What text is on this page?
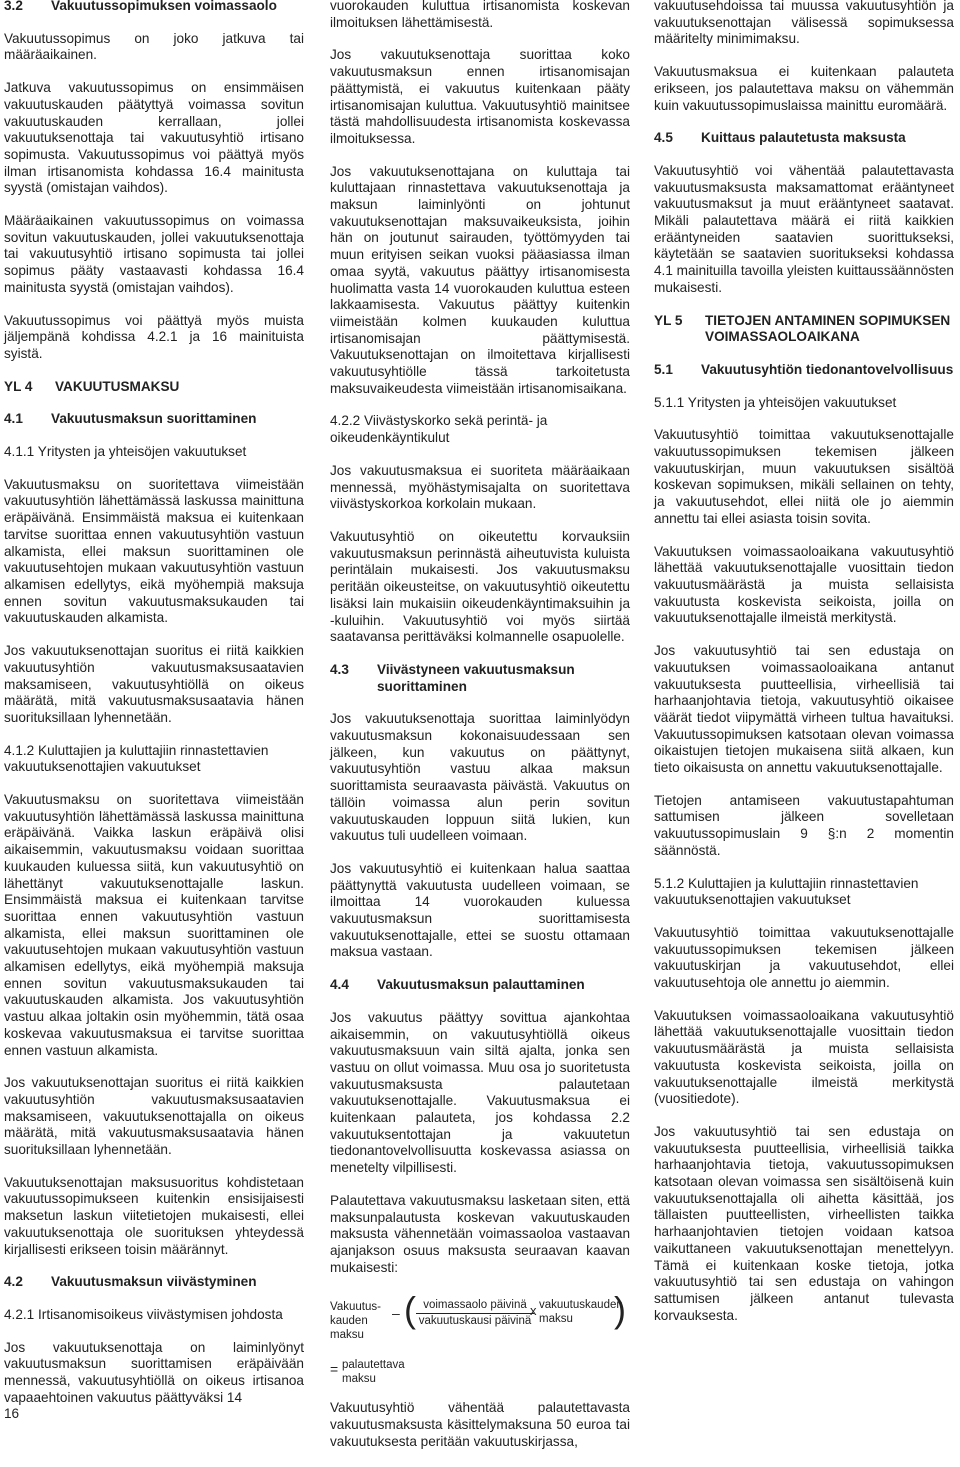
3.2	Vakuutussopimuksen voimassaolo

Vakuutussopimus on joko jatkuva tai määräaikainen.

Jatkuva vakuutussopimus on ensimmäisen vakuutuskauden päätyttyä voimassa sovitun vakuutuskauden kerrallaan, jollei vakuutuksenottaja tai vakuutusyhtiö irtisano sopimusta. Vakuutussopimus voi päättyä myös ilman irtisanomista kohdassa 16.4 mainitusta syystä (omistajan vaihdos).

Määräaikainen vakuutussopimus on voimassa sovitun vakuutuskauden, jollei vakuutuksenottaja tai vakuutusyhtiö irtisano sopimusta tai jollei sopimus pääty vastaavasti kohdassa 16.4 mainitusta syystä (omistajan vaihdos).

Vakuutussopimus voi päättyä myös muista jäljempänä kohdissa 4.2.1 ja 16 mainituista syistä.

YL 4	VAKUUTUSMAKSU
4.1	Vakuutusmaksun suorittaminen
4.1.1 Yritysten ja yhteisöjen vakuutukset

Vakuutusmaksu on suoritettava viimeistään vakuutusyhtiön lähettämässä laskussa mainittuna eräpäivänä. Ensimmäistä maksua ei kuitenkaan tarvitse suorittaa ennen vakuutusyhtiön vastuun alkamista, ellei maksun suorittaminen ole vakuutusehtojen mukaan vakuutusyhtiön vastuun alkamisen edellytys, eikä myöhempiä maksuja ennen sovitun vakuutusmaksukauden tai vakuutuskauden alkamista.

Jos vakuutuksenottajan suoritus ei riitä kaikkien vakuutusyhtiön vakuutusmaksusaatavien maksamiseen, vakuutusyhtiöllä on oikeus määrätä, mitä vakuutusmaksusaatavia hänen suorituksillaan lyhennetään.

4.1.2 Kuluttajien ja kuluttajiin rinnastettavien vakuutuksenottajien vakuutukset

Vakuutusmaksu on suoritettava viimeistään vakuutusyhtiön lähettämässä laskussa mainittuna eräpäivänä. Vaikka laskun eräpäivä olisi aikaisemmin, vakuutusmaksu voidaan suorittaa kuukauden kuluessa siitä, kun vakuutusyhtiö on lähettänyt vakuutuksenottajalle laskun. Ensimmäistä maksua ei kuitenkaan tarvitse suorittaa ennen vakuutusyhtiön vastuun alkamista, ellei maksun suorittaminen ole vakuutusehtojen mukaan vakuutusyhtiön vastuun alkamisen edellytys, eikä myöhempiä maksuja ennen sovitun vakuutusmaksukauden tai vakuutuskauden alkamista. Jos vakuutusyhtiön vastuu alkaa joltakin osin myöhemmin, tätä osaa koskevaa vakuutusmaksua ei tarvitse suorittaa ennen vastuun alkamista.

Jos vakuutuksenottajan suoritus ei riitä kaikkien vakuutusyhtiön vakuutusmaksusaatavien maksamiseen, vakuutuksenottajalla on oikeus määrätä, mitä vakuutusmaksusaatavia hänen suorituksillaan lyhennetään.

Vakuutuksenottajan maksusuoritus kohdistetaan vakuutussopimukseen kuitenkin ensisijaisesti maksetun laskun viitetietojen mukaisesti, ellei vakuutuksenottaja ole suorituksen yhteydessä kirjallisesti erikseen toisin määrännyt.

4.2	Vakuutusmaksun viivästyminen
4.2.1 Irtisanomisoikeus viivästymisen johdosta

Jos vakuutuksenottaja on laiminlyönyt vakuutusmaksun suorittamisen eräpäivään mennessä, vakuutusyhtiöllä on oikeus irtisanoa vapaaehtoinen vakuutus päättyväksi 14

vuorokauden kuluttua irtisanomista koskevan ilmoituksen lähettämisestä.

Jos vakuutuksenottaja suorittaa koko vakuutusmaksun ennen irtisanomisajan päättymistä, ei vakuutus kuitenkaan pääty irtisanomisajan kuluttua. Vakuutusyhtiö mainitsee tästä mahdollisuudesta irtisanomista koskevassa ilmoituksessa.

Jos vakuutuksenottajana on kuluttaja tai kuluttajaan rinnastettava vakuutuksenottaja ja maksun laiminlyönti on johtunut vakuutuksenottajan maksuvaikeuksista, joihin hän on joutunut sairauden, työttömyyden tai muun erityisen seikan vuoksi pääasiassa ilman omaa syytä, vakuutus päättyy irtisanomisesta huolimatta vasta 14 vuorokauden kuluttua esteen lakkaamisesta. Vakuutus päättyy kuitenkin viimeistään kolmen kuukauden kuluttua irtisanomisajan päättymisestä. Vakuutuksenottajan on ilmoitettava kirjallisesti vakuutusyhtiölle tässä tarkoitetusta maksuvaikeudesta viimeistään irtisanomisaikana.

4.2.2 Viivästyskorko sekä perintä- ja oikeudenkäyntikulut

Jos vakuutusmaksua ei suoriteta määräaikaan mennessä, myöhästymisajalta on suoritettava viivästyskorkoa korkolain mukaan.

Vakuutusyhtiö on oikeutettu korvauksiin vakuutusmaksun perinnästä aiheutuvista kuluista perintälain mukaisesti. Jos vakuutusmaksu peritään oikeusteitse, on vakuutusyhtiö oikeutettu lisäksi lain mukaisiin oikeudenkäyntimaksuihin ja -kuluihin. Vakuutusyhtiö voi myös siirtää saatavansa perittäväksi kolmannelle osapuolelle.

4.3	Viivästyneen vakuutusmaksun suorittaminen

Jos vakuutuksenottaja suorittaa laiminlyödyn vakuutusmaksun kokonaisuudessaan sen jälkeen, kun vakuutus on päättynyt, vakuutusyhtiön vastuu alkaa maksun suorittamista seuraavasta päivästä. Vakuutus on tällöin voimassa alun perin sovitun vakuutuskauden loppuun siitä lukien, kun vakuutus tuli uudelleen voimaan.

Jos vakuutusyhtiö ei kuitenkaan halua saattaa päättynyttä vakuutusta uudelleen voimaan, se ilmoittaa 14 vuorokauden kuluessa vakuutusmaksun suorittamisesta vakuutuksenottajalle, ettei se suostu ottamaan maksua vastaan.

4.4	Vakuutusmaksun palauttaminen

Jos vakuutus päättyy sovittua ajankohtaa aikaisemmin, on vakuutusyhtiöllä oikeus vakuutusmaksuun vain siltä ajalta, jonka sen vastuu on ollut voimassa. Muu osa jo suoritetusta vakuutusmaksusta palautetaan vakuutuksenottajalle. Vakuutusmaksua ei kuitenkaan palauteta, jos kohdassa 2.2 vakuutuksentottajan ja vakuutetun tiedonantovelvollisuutta koskevassa asiassa on menetelty vilpillisesti.

Palautettava vakuutusmaksu lasketaan siten, että maksunpalautusta koskevan vakuutuskauden maksusta vähennetään voimassaoloa vastaavan ajanjakson osuus maksusta seuraavan kaavan mukaisesti:

Vakuutus-
kauden maksu
– ( voimassaolo päivinä
vakuutuskausi päivinä
x vakuutuskauden
maksu	)
= palautettava
maksu

Vakuutusyhtiö vähentää palautettavasta vakuutusmaksusta käsittelymaksuna 50 euroa tai vakuutuksesta peritään vakuutuskirjassa,

vakuutusehdoissa tai muussa vakuutusyhtiön ja vakuutuksenottajan välisessä sopimuksessa määritelty minimimaksu.

Vakuutusmaksua ei kuitenkaan palauteta erikseen, jos palautettava maksu on vähemmän kuin vakuutussopimuslaissa mainittu euromäärä.

4.5	Kuittaus palautetusta maksusta

Vakuutusyhtiö voi vähentää palautettavasta vakuutusmaksusta maksamattomat erääntyneet vakuutusmaksut ja muut erääntyneet saatavat. Mikäli palautettava määrä ei riitä kaikkien erääntyneiden saatavien suorittukseksi, käytetään se saatavien suoritukseksi kohdassa 4.1 mainituilla tavoilla yleisten kuittaussäännösten mukaisesti.

YL 5	TIETOJEN ANTAMINEN SOPIMUKSEN VOIMASSAOLOAIKANA
5.1	Vakuutusyhtiön tiedonantovelvollisuus
5.1.1 Yritysten ja yhteisöjen vakuutukset

Vakuutusyhtiö toimittaa vakuutuksenottajalle vakuutussopimuksen tekemisen jälkeen vakuutuskirjan, muun vakuutuksen sisältöä koskevan sopimuksen, mikäli sellainen on tehty, ja vakuutusehdot, ellei niitä ole jo aiemmin annettu tai ellei asiasta toisin sovita.

Vakuutuksen voimassaoloaikana vakuutusyhtiö lähettää vakuutuksenottajalle vuosittain tiedon vakuutusmäärästä ja muista sellaisista vakuutusta koskevista seikoista, joilla on vakuutuksenottajalle ilmeistä merkitystä.

Jos vakuutusyhtiö tai sen edustaja on vakuutuksen voimassaoloaikana antanut vakuutuksesta puutteellisia, virheellisiä tai harhaanjohtavia tietoja, vakuutusyhtiö oikaisee väärät tiedot viipymättä virheen tultua havaituksi. Vakuutussopimuksen katsotaan olevan voimassa oikaistujen tietojen mukaisena siitä alkaen, kun tieto oikaisusta on annettu vakuutuksenottajalle.

Tietojen antamiseen vakuutustapahtuman sattumisen jälkeen sovelletaan vakuutussopimuslain 9 §:n 2 momentin säännöstä.

5.1.2 Kuluttajien ja kuluttajiin rinnastettavien vakuutuksenottajien vakuutukset

Vakuutusyhtiö toimittaa vakuutuksenottajalle vakuutussopimuksen tekemisen jälkeen vakuutuskirjan ja vakuutusehdot, ellei vakuutusehtoja ole annettu jo aiemmin.

Vakuutuksen voimassaoloaikana vakuutusyhtiö lähettää vakuutuksenottajalle vuosittain tiedon vakuutusmäärästä ja muista sellaisista vakuutusta koskevista seikoista, joilla on vakuutuksenottajalle ilmeistä merkitystä (vuositiedote).

Jos vakuutusyhtiö tai sen edustaja on vakuutuksesta puutteellisia, virheellisiä taikka harhaanjohtavia tietoja, vakuutussopimuksen katsotaan olevan voimassa sen sisältöisenä kuin vakuutuksenottajalla oli aihetta käsittää, jos tällaisten puutteellisten, virheellisten taikka harhaanjohtavien tietojen voidaan katsoa vaikuttaneen vakuutuksenottajan menettelyyn. Tämä ei kuitenkaan koske tietoja, jotka vakuutusyhtiö tai sen edustaja on vahingon sattumisen jälkeen antanut tulevasta korvauksesta.

16
